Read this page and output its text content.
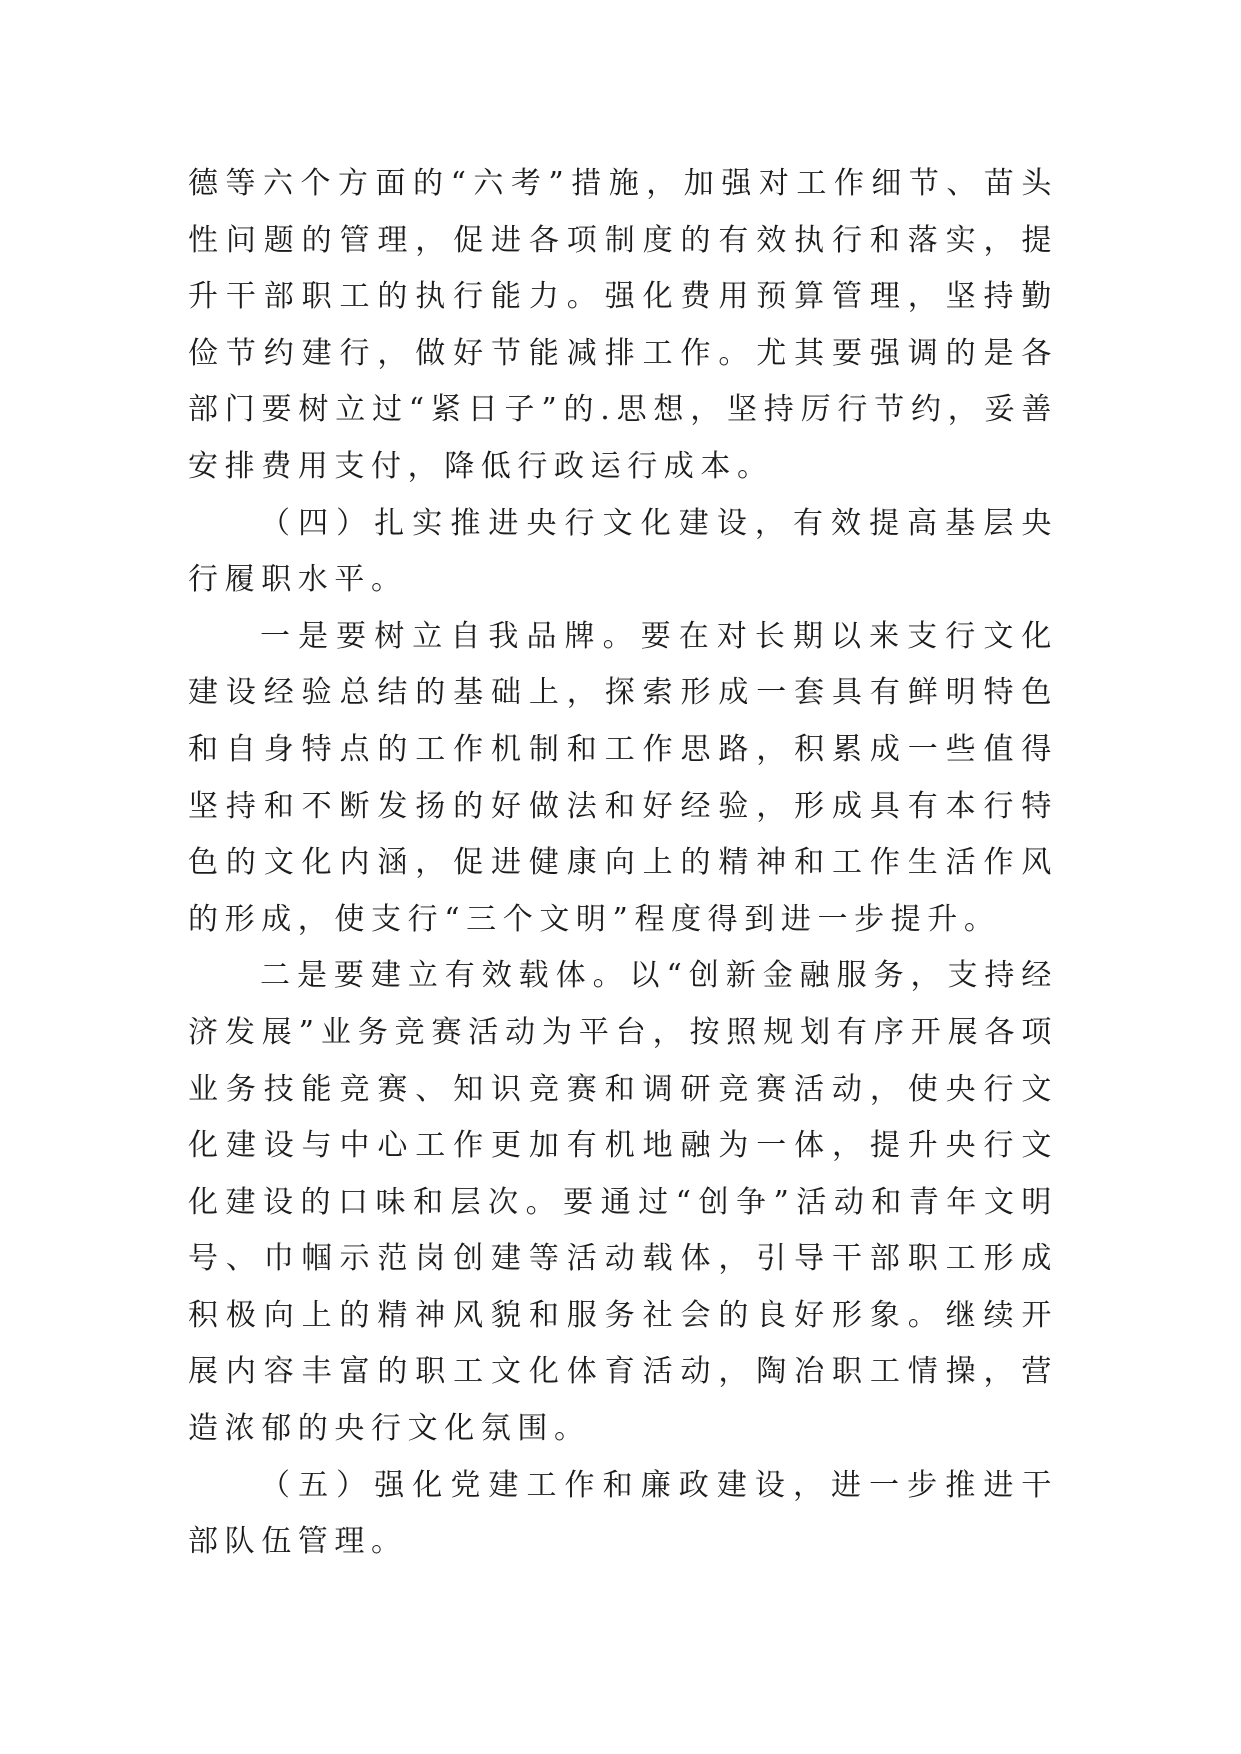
德等六个方面的“六考”措施，加强对工作细节、苗头性问题的管理，促进各项制度的有效执行和落实，提升干部职工的执行能力。强化费用预算管理，坚持勤俭节约建行，做好节能减排工作。尤其要强调的是各部门要树立过“紧日子”的.思想，坚持厉行节约，妥善安排费用支付，降低行政运行成本。

（四）扎实推进央行文化建设，有效提高基层央行履职水平。

一是要树立自我品牌。要在对长期以来支行文化建设经验总结的基础上，探索形成一套具有鲜明特色和自身特点的工作机制和工作思路，积累成一些值得坚持和不断发扬的好做法和好经验，形成具有本行特色的文化内涵，促进健康向上的精神和工作生活作风的形成，使支行“三个文明”程度得到进一步提升。

二是要建立有效载体。以“创新金融服务，支持经济发展”业务竞赛活动为平台，按照规划有序开展各项业务技能竞赛、知识竞赛和调研竞赛活动，使央行文化建设与中心工作更加有机地融为一体，提升央行文化建设的口味和层次。要通过“创争”活动和青年文明号、巾帼示范岗创建等活动载体，引导干部职工形成积极向上的精神风貌和服务社会的良好形象。继续开展内容丰富的职工文化体育活动，陶冶职工情操，营造浓郁的央行文化氛围。

（五）强化党建工作和廉政建设，进一步推进干部队伍管理。
